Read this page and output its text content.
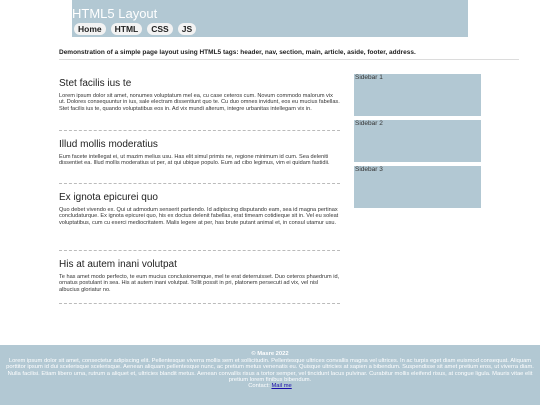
HTML5 Layout
Home	HTML	CSS	JS

Demonstration of a simple page layout using HTML5 tags: header, nav, section, main, article, aside, footer, address.

Stet facilis ius te

Lorem ipsum dolor sit amet, nonumes voluptatum mel ea, cu case ceteros cum. Novum commodo malorum vix ut. Dolores consequuntur in ius, sale electram dissentiunt quo te. Cu duo omnes invidunt, eos eu mucius fabellas. Stet facilis ius te, quando voluptatibus eos in. Ad vix mundi alterum, integre urbanitas intellegam vix in.

Illud mollis moderatius

Eum facete intellegat ei, ut mazim melius usu. Has elit simul primis ne, regione minimum id cum. Sea deleniti dissentiet ea. Illud mollis moderatius ut per, at qui ubique populo. Eum ad cibo legimus, vim ei quidam fastidii.

Ex ignota epicurei quo

Quo debet vivendo ex. Qui ut admodum senserit partiendo. Id adipiscing disputando eam, sea id magna pertinax concludaturque. Ex ignota epicurei quo, his ex doctus delenit fabellas, erat timeam cotidieque sit in. Vel eu soleat voluptatibus, cum cu exerci mediocritatem. Malis legere at per, has brute putant animal et, in consul utamur usu.

His at autem inani volutpat

Te has amet modo perfecto, te eum mucius conclusionemque, mel te erat deterruisset. Duo ceteros phaedrum id, ornatus postulant in sea. His at autem inani volutpat. Tollit possit in pri, platonem persecuti ad vix, vel nisl albucius gloriatur no.

Sidebar 1
Sidebar 2
Sidebar 3
© Masre 2022
Lorem ipsum dolor sit amet, consectetur adipiscing elit. Pellentesque viverra mollis sem et sollicitudin. Pellentesque ultrices convallis magna vel ultrices. In ac turpis eget diam euismod consequat. Aliquam porttitor ipsum id dui scelerisque scelerisque. Aenean aliquam pellentesque nunc, ac pretium metus venenatis eu. Quisque ultricies at sapien a bibendum. Suspendisse sit amet pretium eros, ut viverra diam. Nulla facilisi. Etiam libero urna, rutrum a aliquet et, ultricies blandit metus. Aenean convallis risus a tortor semper, vel tincidunt lacus pulvinar. Curabitur mollis eleifend risus, at congue ligula. Mauris vitae elit pretium lorem finibus bibendum.
Contact: Mail me
